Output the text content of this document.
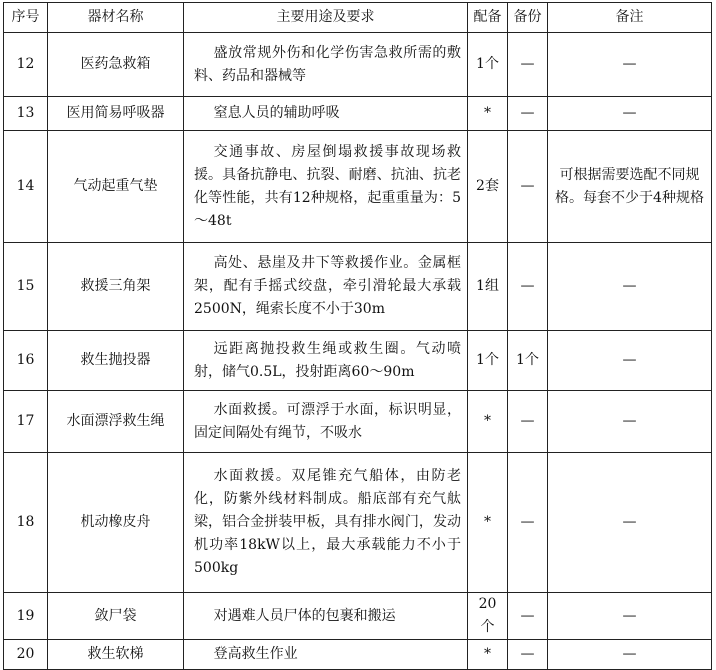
序号	器材名称	主要用途及要求	配备	备份	备注
12	医药急救箱	盛放常规外伤和化学伤害急救所需的敷料、药品和器械等	1个	—	—
13	医用简易呼吸器	窒息人员的辅助呼吸	*	—	—
14	气动起重气垫	交通事故、房屋倒塌救援事故现场救援。具备抗静电、抗裂、耐磨、抗油、抗老化等性能，共有12种规格，起重重量为：5～48t	2套	—	可根据需要选配不同规格。每套不少于4种规格
15	救援三角架	高处、悬崖及井下等救援作业。金属框架，配有手摇式绞盘，牵引滑轮最大承载2500N，绳索长度不小于30m	1组	—	—
16	救生抛投器	远距离抛投救生绳或救生圈。气动喷射，储气0.5L，投射距离60～90m	1个	1个	—
17	水面漂浮救生绳	水面救援。可漂浮于水面，标识明显，固定间隔处有绳节，不吸水	*	—	—
18	机动橡皮舟	水面救援。双尾锥充气船体，由防老化，防紫外线材料制成。船底部有充气舦梁，铝合金拼装甲板，具有排水阀门，发动机功率18kW以上，最大承载能力不小于500kg	*	—	—
19	敛尸袋	对遇难人员尸体的包裹和搬运	20个	—	—
20	救生软梯	登高救生作业	*	—	—
